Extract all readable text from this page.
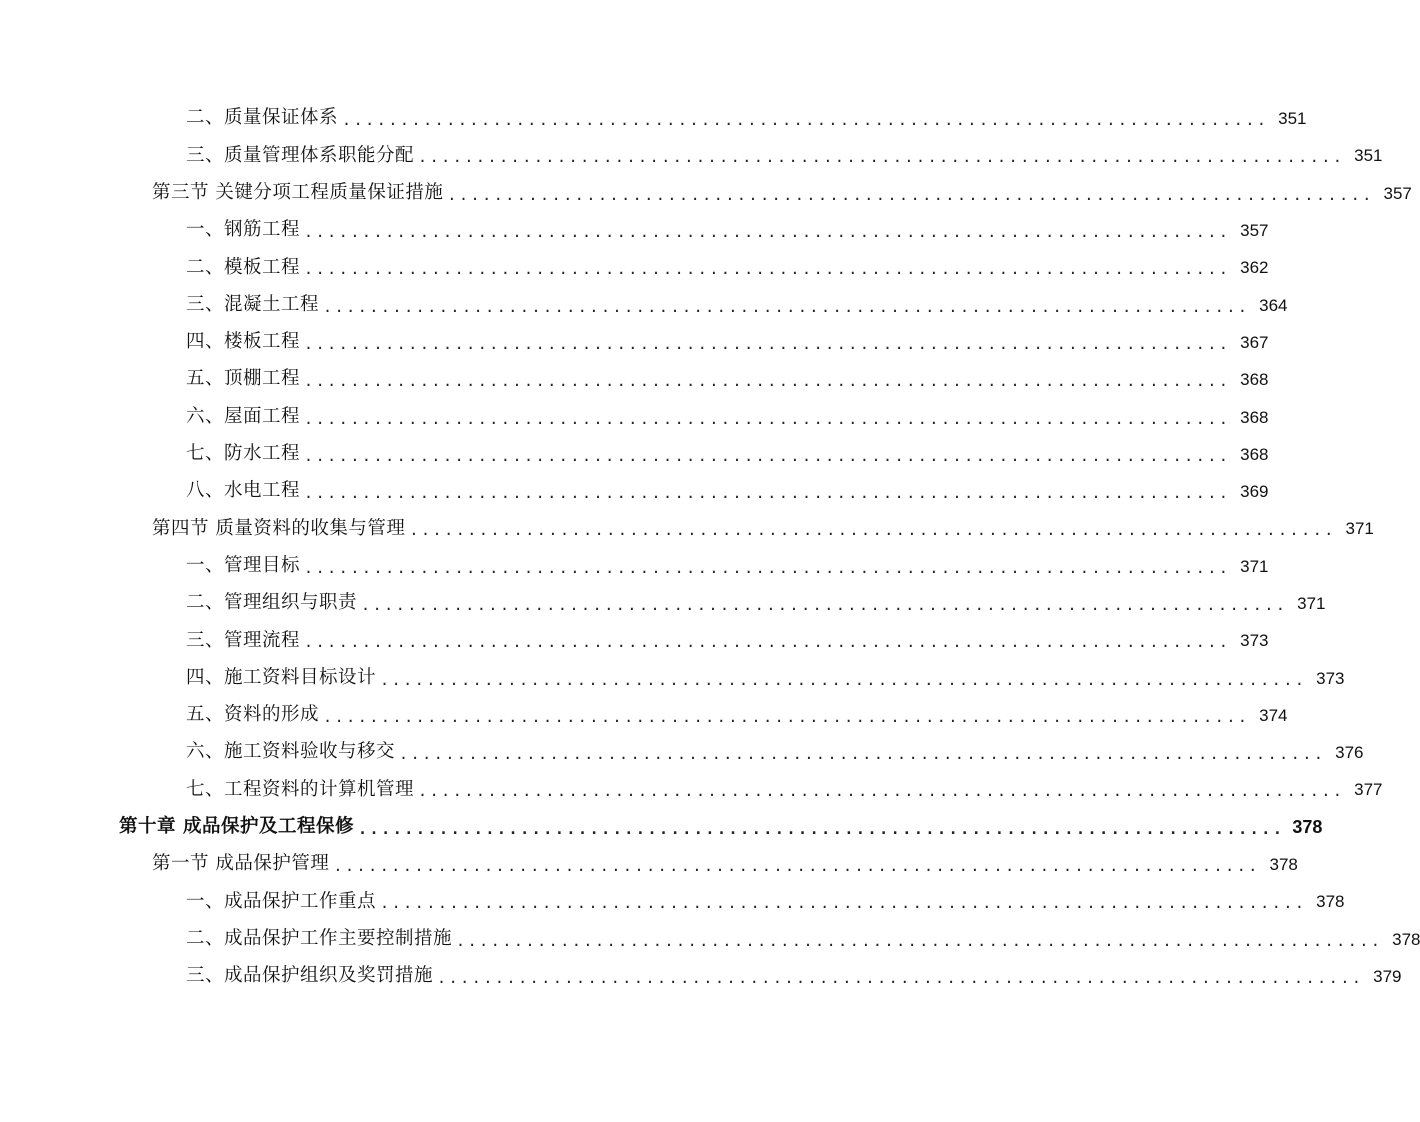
二、质量保证体系 ................................................................................ 351
三、质量管理体系职能分配 ................................................................................ 351
第三节 关键分项工程质量保证措施 ................................................................................ 357
一、钢筋工程 ................................................................................ 357
二、模板工程 ................................................................................ 362
三、混凝土工程 ................................................................................ 364
四、楼板工程 ................................................................................ 367
五、顶棚工程 ................................................................................ 368
六、屋面工程 ................................................................................ 368
七、防水工程 ................................................................................ 368
八、水电工程 ................................................................................ 369
第四节 质量资料的收集与管理 ................................................................................ 371
一、管理目标 ................................................................................ 371
二、管理组织与职责 ................................................................................ 371
三、管理流程 ................................................................................ 373
四、施工资料目标设计 ................................................................................ 373
五、资料的形成 ................................................................................ 374
六、施工资料验收与移交 ................................................................................ 376
七、工程资料的计算机管理 ................................................................................ 377
第十章 成品保护及工程保修 ................................................................................ 378
第一节 成品保护管理 ................................................................................ 378
一、成品保护工作重点 ................................................................................ 378
二、成品保护工作主要控制措施 ................................................................................ 378
三、成品保护组织及奖罚措施 ................................................................................ 379
